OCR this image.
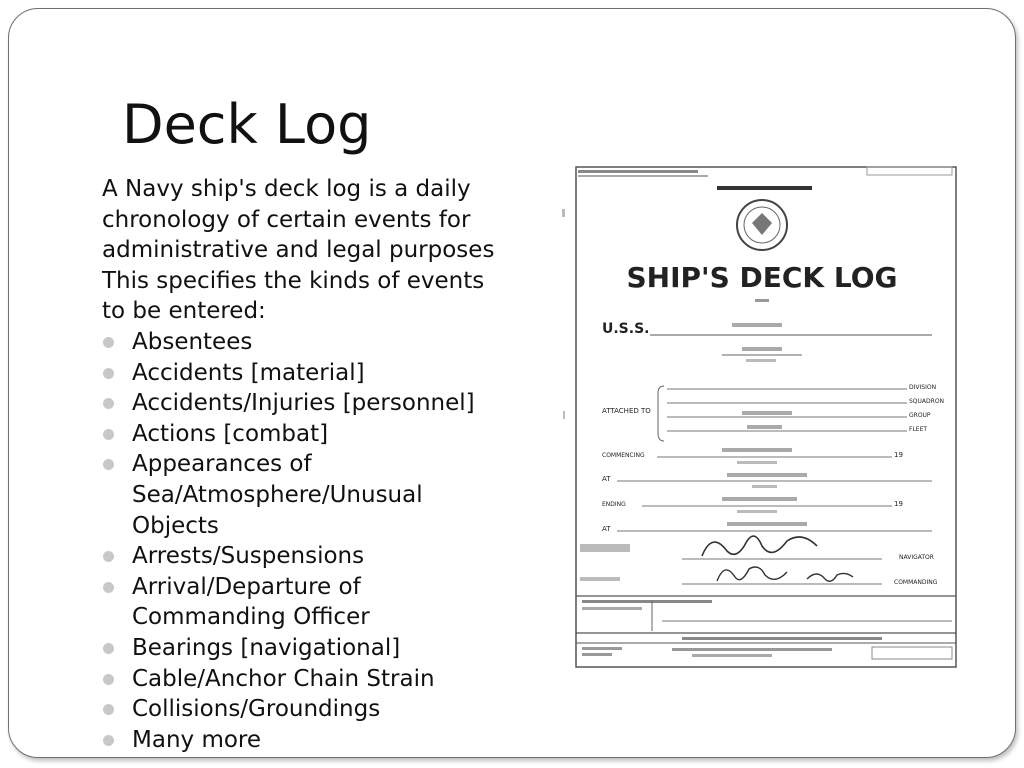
Deck Log

A Navy ship's deck log is a daily chronology of certain events for administrative and legal purposes This specifies the kinds of events to be entered:

Absentees
Accidents [material]
Accidents/Injuries [personnel]
Actions [combat]
Appearances of Sea/Atmosphere/Unusual Objects
Arrests/Suspensions
Arrival/Departure of Commanding Officer
Bearings [navigational]
Cable/Anchor Chain Strain
Collisions/Groundings
Many more
SHIP'S DECK LOG
U.S.S.
ATTACHED TO
DIVISION
SQUADRON
GROUP
FLEET
COMMENCING	19
AT
ENDING	19
AT
NAVIGATOR
COMMANDING
